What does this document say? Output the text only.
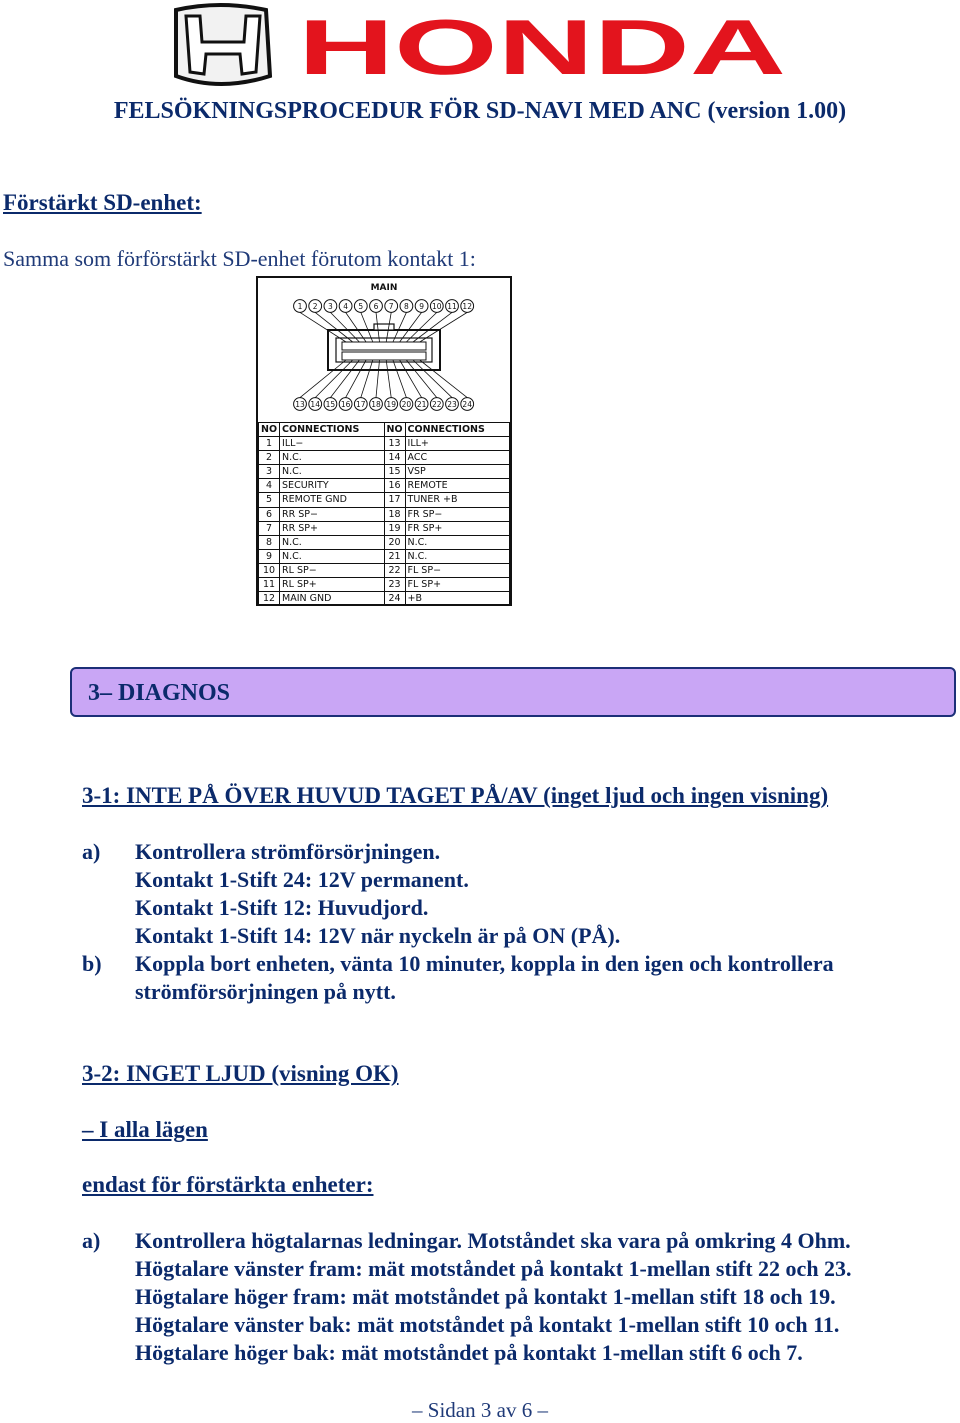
HONDA
FELSÖKNINGSPROCEDUR FÖR SD-NAVI MED ANC (version 1.00)
Förstärkt SD-enhet:
Samma som förförstärkt SD-enhet förutom kontakt 1:
MAIN
1 2 3 4 5 6 7 8 9 10 11 12
13 14 15 16 17 18 19 20 21 22 23 24
NO	CONNECTIONS	NO	CONNECTIONS
1	ILL−	13	ILL+
2	N.C.	14	ACC
3	N.C.	15	VSP
4	SECURITY	16	REMOTE
5	REMOTE GND	17	TUNER +B
6	RR SP−	18	FR SP−
7	RR SP+	19	FR SP+
8	N.C.	20	N.C.
9	N.C.	21	N.C.
10	RL SP−	22	FL SP−
11	RL SP+	23	FL SP+
12	MAIN GND	24	+B
3– DIAGNOS
3-1: INTE PÅ ÖVER HUVUD TAGET PÅ/AV (inget ljud och ingen visning)
a) Kontrollera strömförsörjningen.
Kontakt 1-Stift 24: 12V permanent.
Kontakt 1-Stift 12: Huvudjord.
Kontakt 1-Stift 14: 12V när nyckeln är på ON (PÅ).
b) Koppla bort enheten, vänta 10 minuter, koppla in den igen och kontrollera
strömförsörjningen på nytt.
3-2: INGET LJUD (visning OK)
– I alla lägen
endast för förstärkta enheter:
a) Kontrollera högtalarnas ledningar. Motståndet ska vara på omkring 4 Ohm.
Högtalare vänster fram: mät motståndet på kontakt 1-mellan stift 22 och 23.
Högtalare höger fram: mät motståndet på kontakt 1-mellan stift 18 och 19.
Högtalare vänster bak: mät motståndet på kontakt 1-mellan stift 10 och 11.
Högtalare höger bak: mät motståndet på kontakt 1-mellan stift 6 och 7.
– Sidan 3 av 6 –
